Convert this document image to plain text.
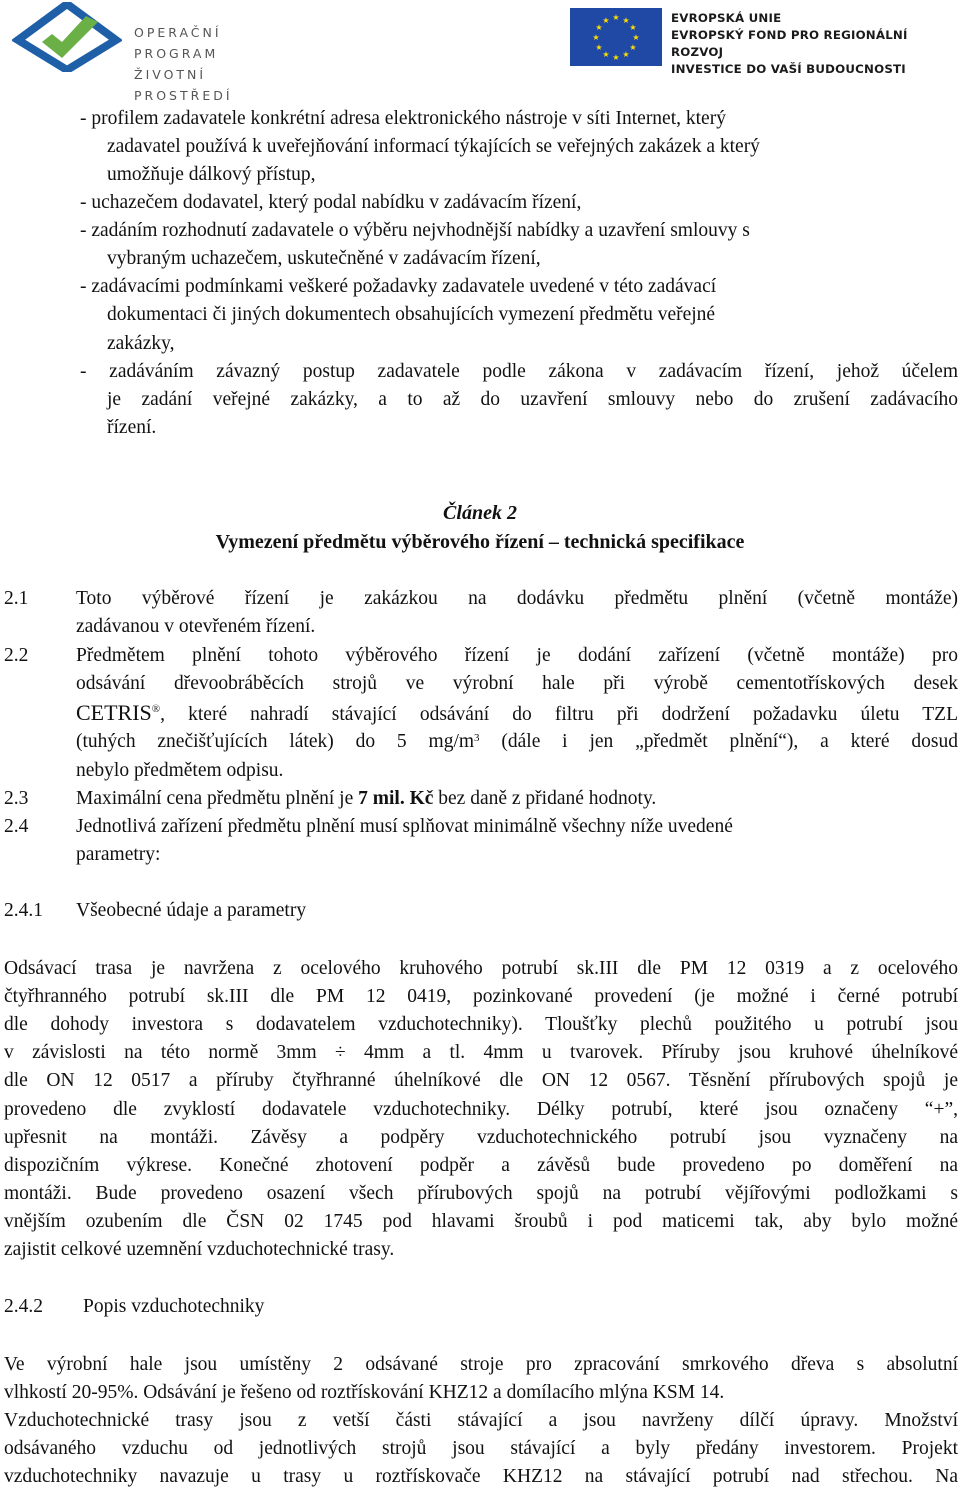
OPERAČNÍ PROGRAM
ŽIVOTNÍ PROSTŘEDÍ
★ ★
★
★
★
★
★
★
★
★
★
★	EVROPSKÁ UNIE
EVROPSKÝ FOND PRO REGIONÁLNÍ ROZVOJ
INVESTICE DO VAŠÍ BUDOUCNOSTI
- profilem zadavatele konkrétní adresa elektronického nástroje v síti Internet, který
zadavatel používá k uveřejňování informací týkajících se veřejných zakázek a který
umožňuje dálkový přístup,
- uchazečem dodavatel, který podal nabídku v zadávacím řízení,
- zadáním rozhodnutí zadavatele o výběru nejvhodnější nabídky a uzavření smlouvy s
vybraným uchazečem, uskutečněné v zadávacím řízení,
- zadávacími podmínkami veškeré požadavky zadavatele uvedené v této zadávací
dokumentaci či jiných dokumentech obsahujících vymezení předmětu veřejné
zakázky,
- zadáváním závazný postup zadavatele podle zákona v zadávacím řízení, jehož účelem
je zadání veřejné zakázky, a to až do uzavření smlouvy nebo do zrušení zadávacího
řízení.
Článek 2
Vymezení předmětu výběrového řízení – technická specifikace
2.1 Toto výběrové řízení je zakázkou na dodávku předmětu plnění (včetně montáže)
zadávanou v otevřeném řízení.
2.2 Předmětem plnění tohoto výběrového řízení je dodání zařízení (včetně montáže) pro
odsávání dřevoobráběcích strojů ve výrobní hale při výrobě cementotřískových desek
CETRIS®, které nahradí stávající odsávání do filtru při dodržení požadavku úletu TZL
(tuhých znečišťujících látek) do 5 $mg/m^3$ (dále i jen „předmět plnění“), a které dosud
nebylo předmětem odpisu.
2.3 Maximální cena předmětu plnění je 7 mil. Kč bez daně z přidané hodnoty.
2.4 Jednotlivá zařízení předmětu plnění musí splňovat minimálně všechny níže uvedené
parametry:
2.4.1 Všeobecné údaje a parametry
Odsávací trasa je navržena z ocelového kruhového potrubí sk.III dle PM 12 0319 a z ocelového
čtyřhranného potrubí sk.III dle PM 12 0419, pozinkované provedení (je možné i černé potrubí
dle dohody investora s dodavatelem vzduchotechniky). Tloušťky plechů použitého u potrubí jsou
v závislosti na této normě 3mm ÷ 4mm a tl. 4mm u tvarovek. Příruby jsou kruhové úhelníkové
dle ON 12 0517 a příruby čtyřhranné úhelníkové dle ON 12 0567. Těsnění přírubových spojů je
provedeno dle zvyklostí dodavatele vzduchotechniky. Délky potrubí, které jsou označeny “+”,
upřesnit na montáži. Závěsy a podpěry vzduchotechnického potrubí jsou vyznačeny na
dispozičním výkrese. Konečné zhotovení podpěr a závěsů bude provedeno po doměření na
montáži. Bude provedeno osazení všech přírubových spojů na potrubí vějířovými podložkami s
vnějším ozubením dle ČSN 02 1745 pod hlavami šroubů i pod maticemi tak, aby bylo možné
zajistit celkové uzemnění vzduchotechnické trasy.
2.4.2 Popis vzduchotechniky
Ve výrobní hale jsou umístěny 2 odsávané stroje pro zpracování smrkového dřeva s absolutní
vlhkostí 20-95%. Odsávání je řešeno od roztřískování KHZ12 a domílacího mlýna KSM 14.
Vzduchotechnické trasy jsou z vetší části stávající a jsou navrženy dílčí úpravy. Množství
odsávaného vzduchu od jednotlivých strojů jsou stávající a byly předány investorem. Projekt
vzduchotechniky navazuje u trasy u roztřískovače KHZ12 na stávající potrubí nad střechou. Na
